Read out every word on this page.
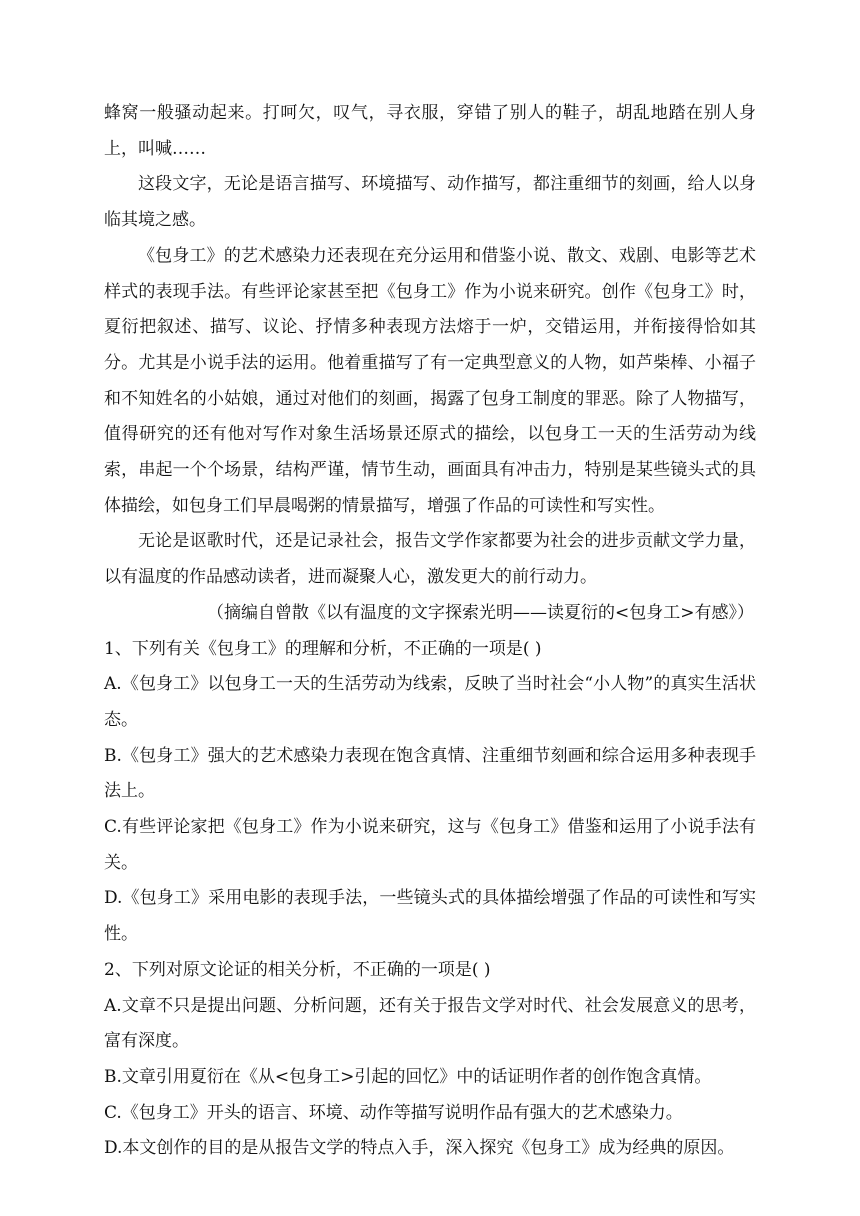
蜂窝一般骚动起来。打呵欠，叹气，寻衣服，穿错了别人的鞋子，胡乱地踏在别人身上，叫喊……

这段文字，无论是语言描写、环境描写、动作描写，都注重细节的刻画，给人以身临其境之感。

《包身工》的艺术感染力还表现在充分运用和借鉴小说、散文、戏剧、电影等艺术样式的表现手法。有些评论家甚至把《包身工》作为小说来研究。创作《包身工》时，夏衍把叙述、描写、议论、抒情多种表现方法熔于一炉，交错运用，并衔接得恰如其分。尤其是小说手法的运用。他着重描写了有一定典型意义的人物，如芦柴棒、小福子和不知姓名的小姑娘，通过对他们的刻画，揭露了包身工制度的罪恶。除了人物描写，值得研究的还有他对写作对象生活场景还原式的描绘，以包身工一天的生活劳动为线索，串起一个个场景，结构严谨，情节生动，画面具有冲击力，特别是某些镜头式的具体描绘，如包身工们早晨喝粥的情景描写，增强了作品的可读性和写实性。

无论是讴歌时代，还是记录社会，报告文学作家都要为社会的进步贡献文学力量，以有温度的作品感动读者，进而凝聚人心，激发更大的前行动力。

（摘编自曾散《以有温度的文字探索光明——读夏衍的<包身工>有感》）

1、下列有关《包身工》的理解和分析，不正确的一项是( )

A.《包身工》以包身工一天的生活劳动为线索，反映了当时社会“小人物”的真实生活状态。

B.《包身工》强大的艺术感染力表现在饱含真情、注重细节刻画和综合运用多种表现手法上。

C.有些评论家把《包身工》作为小说来研究，这与《包身工》借鉴和运用了小说手法有关。

D.《包身工》采用电影的表现手法，一些镜头式的具体描绘增强了作品的可读性和写实性。

2、下列对原文论证的相关分析，不正确的一项是( )

A.文章不只是提出问题、分析问题，还有关于报告文学对时代、社会发展意义的思考，富有深度。

B.文章引用夏衍在《从<包身工>引起的回忆》中的话证明作者的创作饱含真情。

C.《包身工》开头的语言、环境、动作等描写说明作品有强大的艺术感染力。

D.本文创作的目的是从报告文学的特点入手，深入探究《包身工》成为经典的原因。
